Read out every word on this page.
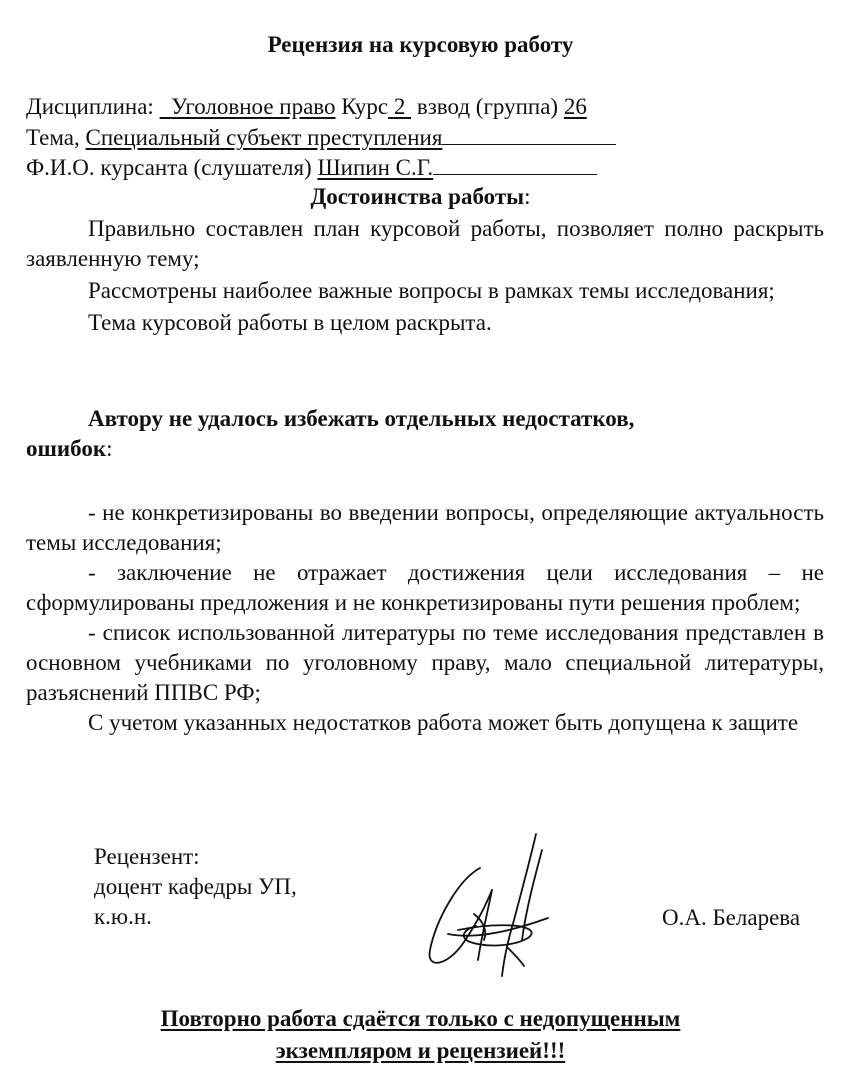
Рецензия на курсовую работу
Дисциплина: Уголовное право Курс 2 взвод (группа) 26
Тема, Специальный субъект преступления
Ф.И.О. курсанта (слушателя) Шипин С.Г.
Достоинства работы:

Правильно составлен план курсовой работы, позволяет полно раскрыть заявленную тему;

Рассмотрены наиболее важные вопросы в рамках темы исследования;

Тема курсовой работы в целом раскрыта.

Автору не удалось избежать отдельных недостатков,

ошибок:

- не конкретизированы во введении вопросы, определяющие актуальность темы исследования;

- заключение не отражает достижения цели исследования – не сформулированы предложения и не конкретизированы пути решения проблем;

- список использованной литературы по теме исследования представлен в основном учебниками по уголовному праву, мало специальной литературы, разъяснений ППВС РФ;

С учетом указанных недостатков работа может быть допущена к защите

Рецензент:
доцент кафедры УП,
к.ю.н.	О.А. Беларева
Повторно работа сдаётся только с недопущенным
экземпляром и рецензией!!!
